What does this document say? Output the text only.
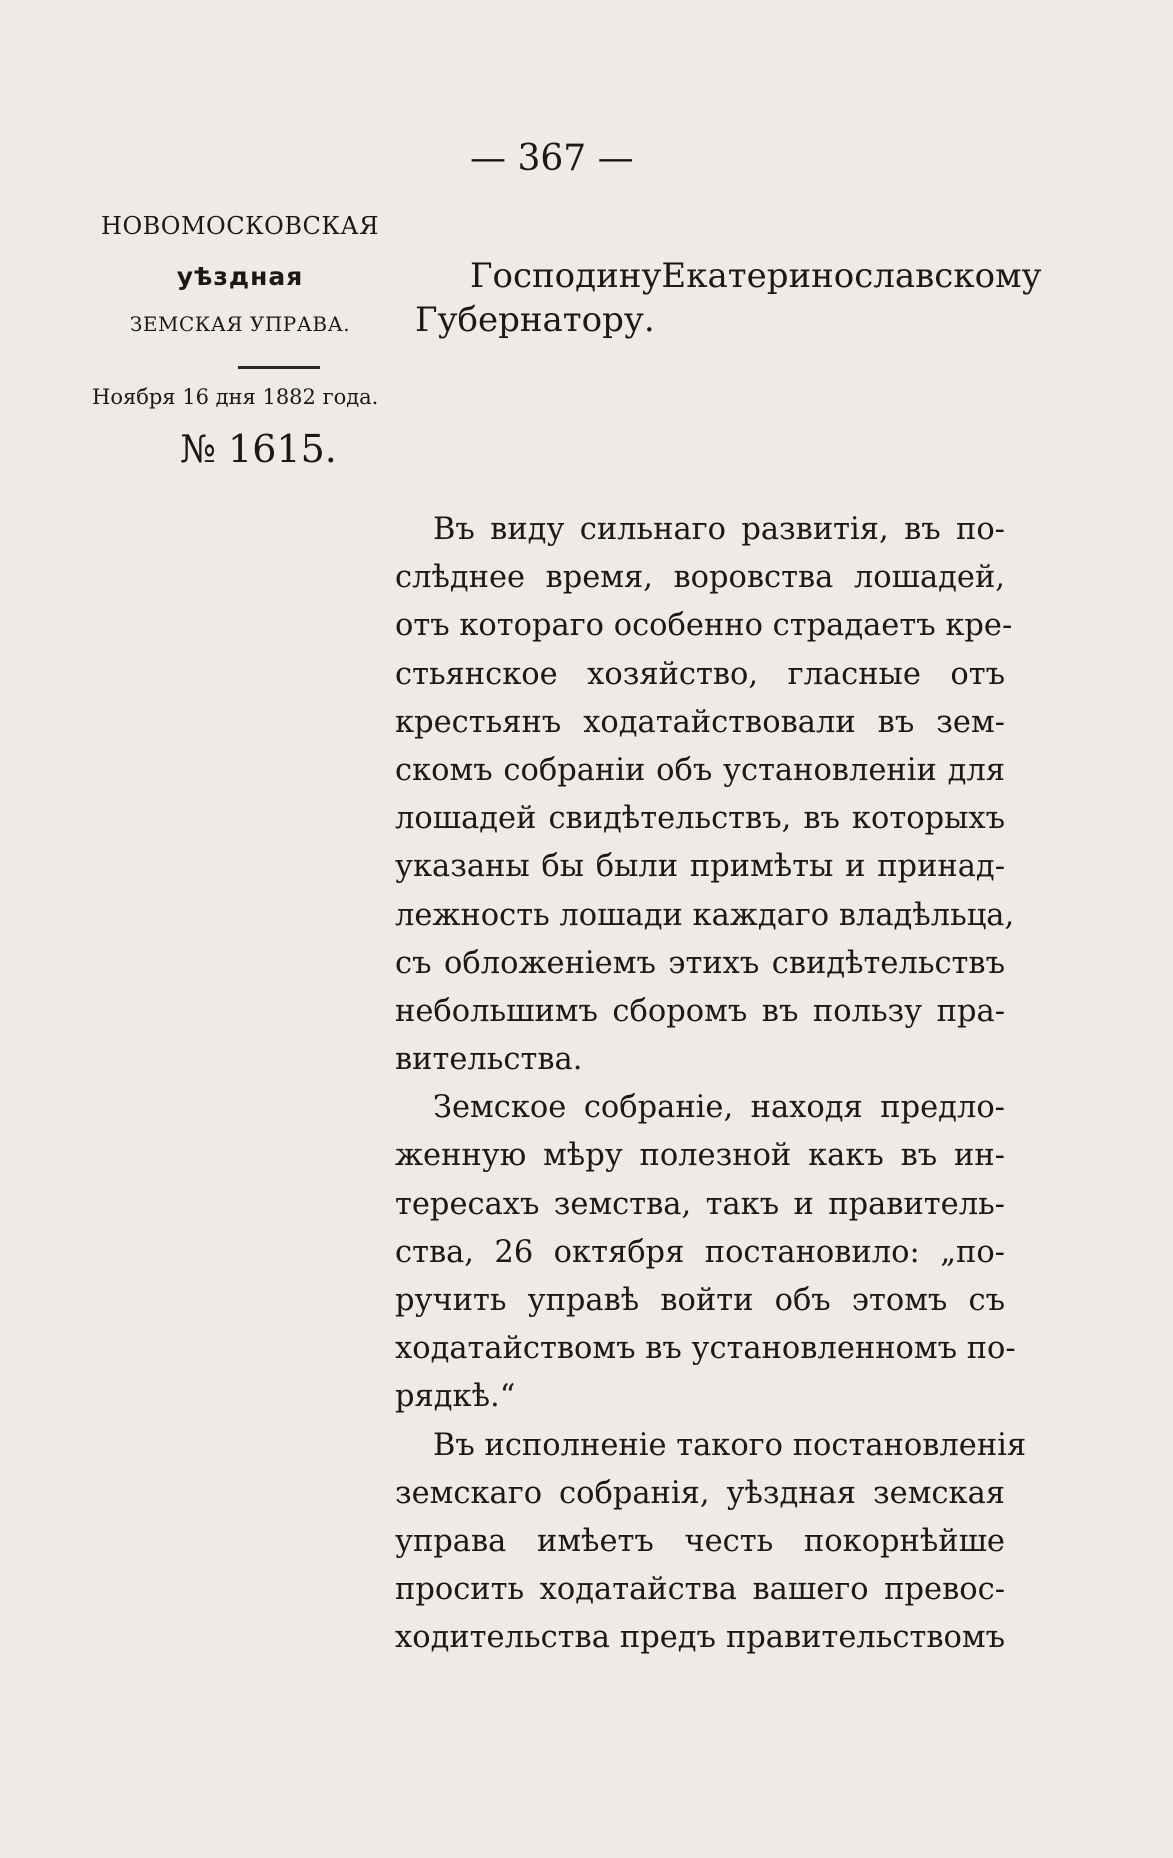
— 367 —
НОВОМОСКОВСКАЯ
уѣздная
ЗЕМСКАЯ УПРАВА.
Ноября 16 дня 1882 года.
№ 1615.
Господину Екатеринославскому
Губернатору.
Въ виду сильнаго развитія, въ по-
слѣднее время, воровства лошадей,
отъ котораго особенно страдаетъ кре-
стьянское хозяйство, гласные отъ
крестьянъ ходатайствовали въ зем-
скомъ собраніи объ установленіи для
лошадей свидѣтельствъ, въ которыхъ
указаны бы были примѣты и принад-
лежность лошади каждаго владѣльца,
съ обложеніемъ этихъ свидѣтельствъ
небольшимъ сборомъ въ пользу пра-
вительства.
Земское собраніе, находя предло-
женную мѣру полезной какъ въ ин-
тересахъ земства, такъ и правитель-
ства, 26 октября постановило: „по-
ручить управѣ войти объ этомъ съ
ходатайствомъ въ установленномъ по-
рядкѣ.“
Въ исполненіе такого постановленія
земскаго собранія, уѣздная земская
управа имѣетъ честь покорнѣйше
просить ходатайства вашего превос-
ходительства предъ правительствомъ
